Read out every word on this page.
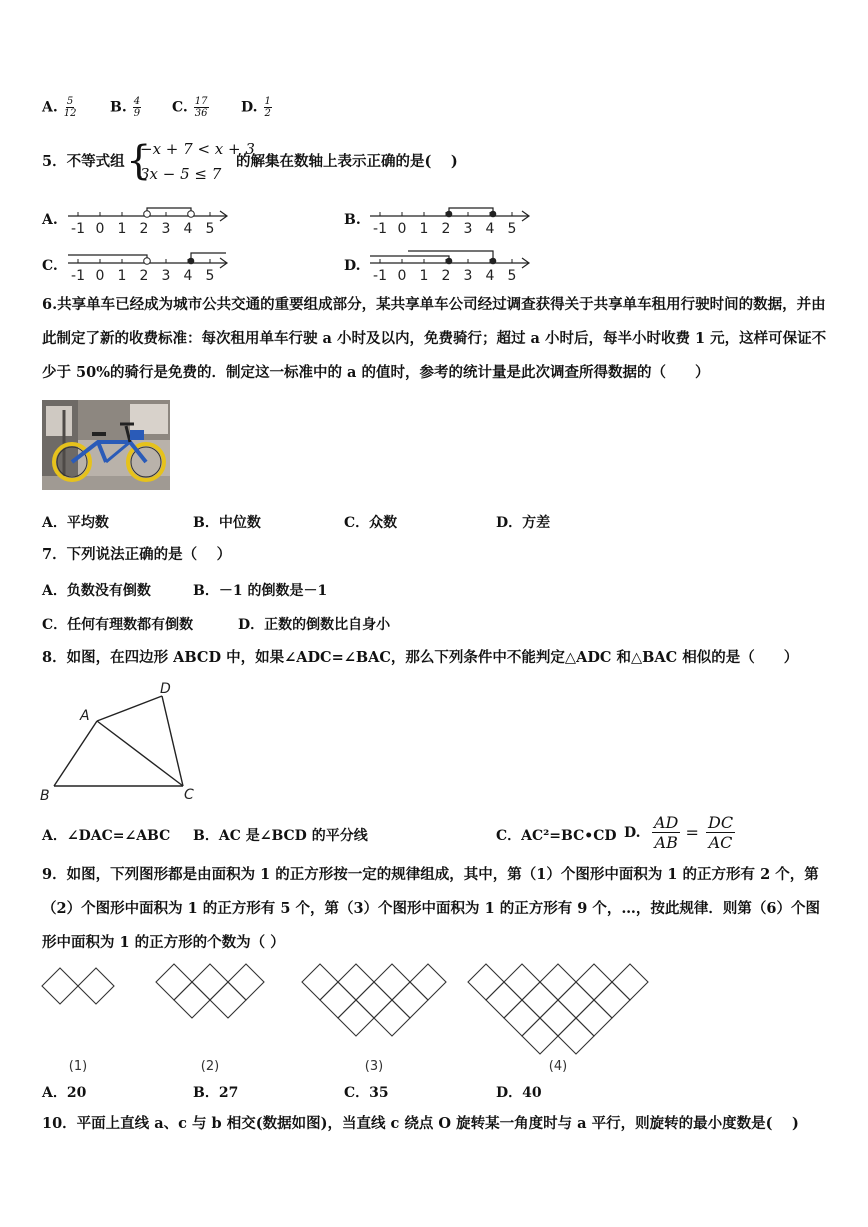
A. $\frac{5}{12} B$. $\frac{4}{9} C$. $\frac{17}{36} D$. $\frac{1}{2}$
5．不等式组 {
−x + 7 < x + 3
3x − 5 ≤ 7
的解集在数轴上表示正确的是(　 )
A.	B.
C.	D.
-1 0 1 2 3 4 5	-1 0 1 2 3 4 5
-1 0 1 2 3 4 5	-1 0 1 2 3 4 5
6.共享单车已经成为城市公共交通的重要组成部分，某共享单车公司经过调查获得关于共享单车租用行驶时间的数据，并由此制定了新的收费标准：每次租用单车行驶 a 小时及以内，免费骑行；超过 a 小时后，每半小时收费 1 元，这样可保证不少于 50%的骑行是免费的．制定这一标准中的 a 的值时，参考的统计量是此次调查所得数据的（　　）
A．平均数	B．中位数	C．众数	D．方差
7．下列说法正确的是（　 ）
A．负数没有倒数	B．－1 的倒数是－1
C．任何有理数都有倒数	D．正数的倒数比自身小
8．如图，在四边形 ABCD 中，如果∠ADC=∠BAC，那么下列条件中不能判定△ADC 和△BAC 相似的是（　　）
A
D
B	C
A．∠DAC=∠ABC B．AC 是∠BCD 的平分线	C．AC²=BC•CD D. $\frac{AD}{AB} = \frac{DC}{AC}$
9．如图，下列图形都是由面积为 1 的正方形按一定的规律组成，其中，第（1）个图形中面积为 1 的正方形有 2 个，第（2）个图形中面积为 1 的正方形有 5 个，第（3）个图形中面积为 1 的正方形有 9 个，…，按此规律．则第（6）个图形中面积为 1 的正方形的个数为（ ）
(1)	(2)	(3)	(4)
A．20	B．27	C．35	D．40
10．平面上直线 a、c 与 b 相交(数据如图)，当直线 c 绕点 O 旋转某一角度时与 a 平行，则旋转的最小度数是(　 )
